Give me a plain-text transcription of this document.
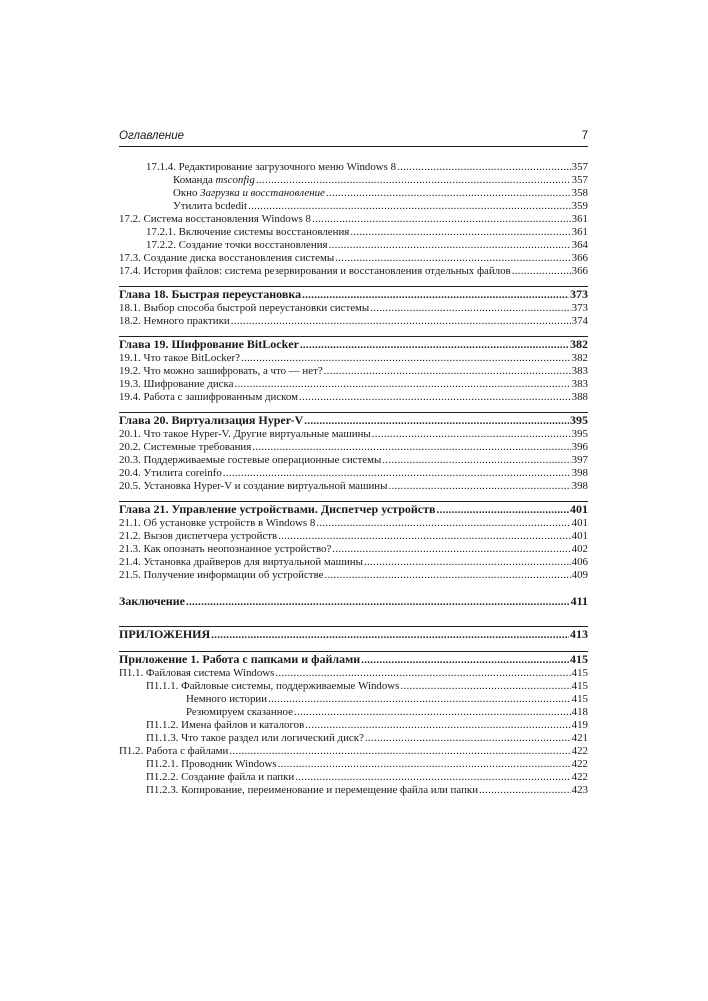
Оглавление	7
17.1.4. Редактирование загрузочного меню Windows 8 .....	357
Команда msconfig .....	357
Окно Загрузка и восстановление .....	358
Утилита bcdedit .....	359
17.2. Система восстановления Windows 8 .....	361
17.2.1. Включение системы восстановления .....	361
17.2.2. Создание точки восстановления .....	364
17.3. Создание диска восстановления системы .....	366
17.4. История файлов: система резервирования и восстановления отдельных файлов .....	366
Глава 18. Быстрая переустановка .....	373
18.1. Выбор способа быстрой переустановки системы .....	373
18.2. Немного практики .....	374
Глава 19. Шифрование BitLocker .....	382
19.1. Что такое BitLocker? .....	382
19.2. Что можно зашифровать, а что — нет? .....	383
19.3. Шифрование диска .....	383
19.4. Работа с зашифрованным диском .....	388
Глава 20. Виртуализация Hyper-V .....	395
20.1. Что такое Hyper-V. Другие виртуальные машины .....	395
20.2. Системные требования .....	396
20.3. Поддерживаемые гостевые операционные системы .....	397
20.4. Утилита coreinfo .....	398
20.5. Установка Hyper-V и создание виртуальной машины .....	398
Глава 21. Управление устройствами. Диспетчер устройств .....	401
21.1. Об установке устройств в Windows 8 .....	401
21.2. Вызов диспетчера устройств .....	401
21.3. Как опознать неопознанное устройство? .....	402
21.4. Установка драйверов для виртуальной машины .....	406
21.5. Получение информации об устройстве .....	409
Заключение .....	411
ПРИЛОЖЕНИЯ .....	413
Приложение 1. Работа с папками и файлами .....	415
П1.1. Файловая система Windows .....	415
П1.1.1. Файловые системы, поддерживаемые Windows .....	415
Немного истории .....	415
Резюмируем сказанное .....	418
П1.1.2. Имена файлов и каталогов .....	419
П1.1.3. Что такое раздел или логический диск? .....	421
П1.2. Работа с файлами .....	422
П1.2.1. Проводник Windows .....	422
П1.2.2. Создание файла и папки .....	422
П1.2.3. Копирование, переименование и перемещение файла или папки .....	423
